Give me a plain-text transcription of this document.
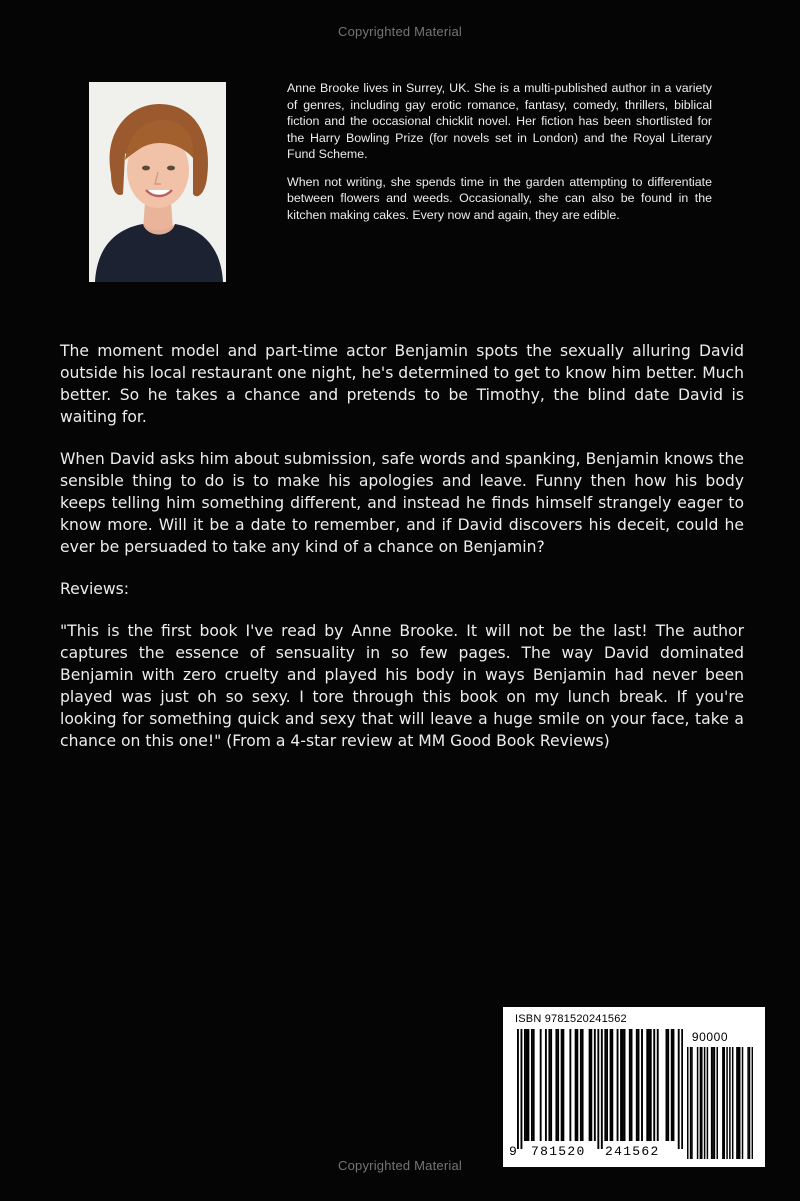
Copyrighted Material

Anne Brooke lives in Surrey, UK. She is a multi-published author in a variety of genres, including gay erotic romance, fantasy, comedy, thrillers, biblical fiction and the occasional chicklit novel. Her fiction has been shortlisted for the Harry Bowling Prize (for novels set in London) and the Royal Literary Fund Scheme.

When not writing, she spends time in the garden attempting to differentiate between flowers and weeds. Occasionally, she can also be found in the kitchen making cakes. Every now and again, they are edible.

The moment model and part-time actor Benjamin spots the sexually alluring David outside his local restaurant one night, he's determined to get to know him better. Much better. So he takes a chance and pretends to be Timothy, the blind date David is waiting for.

When David asks him about submission, safe words and spanking, Benjamin knows the sensible thing to do is to make his apologies and leave. Funny then how his body keeps telling him something different, and instead he finds himself strangely eager to know more. Will it be a date to remember, and if David discovers his deceit, could he ever be persuaded to take any kind of a chance on Benjamin?

Reviews:

"This is the first book I've read by Anne Brooke. It will not be the last! The author captures the essence of sensuality in so few pages. The way David dominated Benjamin with zero cruelty and played his body in ways Benjamin had never been played was just oh so sexy. I tore through this book on my lunch break. If you're looking for something quick and sexy that will leave a huge smile on your face, take a chance on this one!" (From a 4-star review at MM Good Book Reviews)

ISBN 9781520241562
90000
9 781520 241562
Copyrighted Material
